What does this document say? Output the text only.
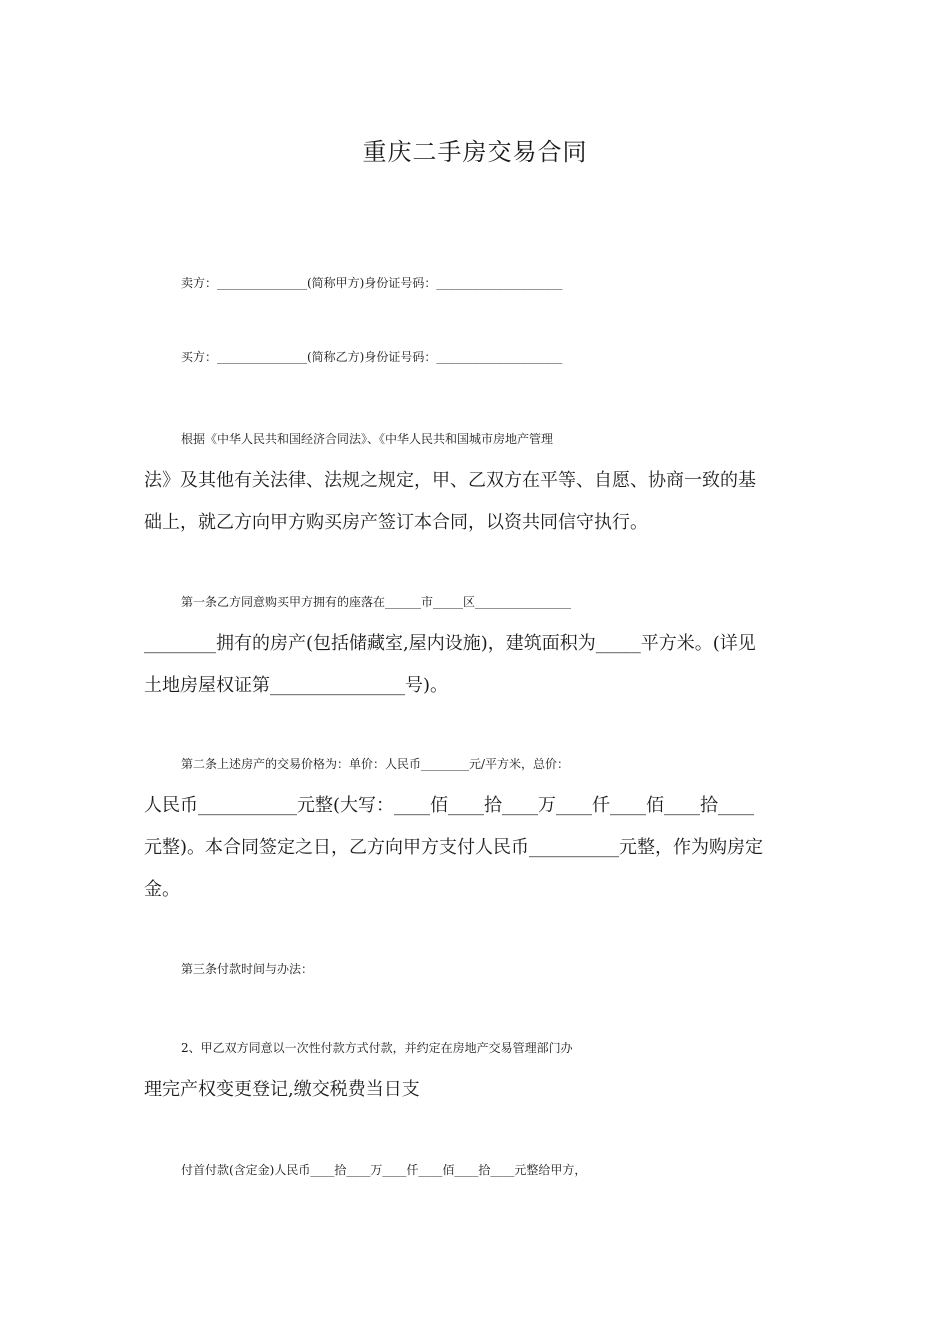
重庆二手房交易合同
卖方：_______________(简称甲方)身份证号码：_____________________
买方：_______________(简称乙方)身份证号码：_____________________
根据《中华人民共和国经济合同法》、《中华人民共和国城市房地产管理
法》及其他有关法律、法规之规定，甲、乙双方在平等、自愿、协商一致的基
础上，就乙方向甲方购买房产签订本合同，以资共同信守执行。
第一条乙方同意购买甲方拥有的座落在______市_____区________________
________拥有的房产(包括储藏室,屋内设施)，建筑面积为_____平方米。(详见
土地房屋权证第_______________号)。
第二条上述房产的交易价格为：单价：人民币________元/平方米，总价：
人民币___________元整(大写：____佰____拾____万____仟____佰____拾____
元整)。本合同签定之日，乙方向甲方支付人民币__________元整，作为购房定
金。
第三条付款时间与办法：
2、甲乙双方同意以一次性付款方式付款，并约定在房地产交易管理部门办
理完产权变更登记,缴交税费当日支
付首付款(含定金)人民币____拾____万____仟____佰____拾____元整给甲方，
